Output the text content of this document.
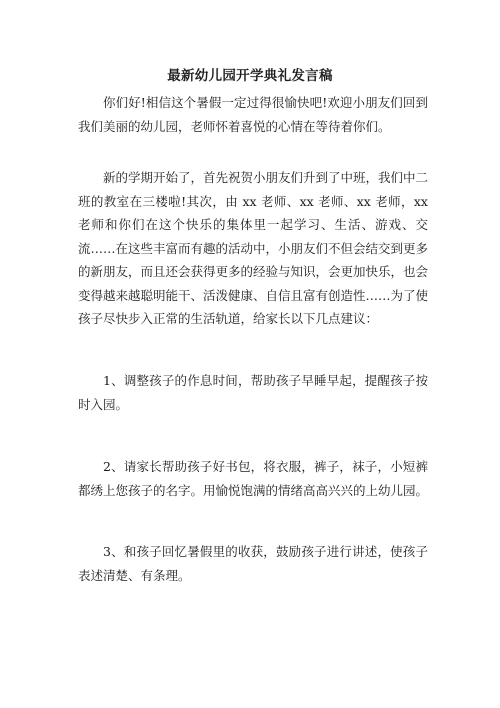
最新幼儿园开学典礼发言稿

你们好!相信这个暑假一定过得很愉快吧!欢迎小朋友们回到我们美丽的幼儿园，老师怀着喜悦的心情在等待着你们。

新的学期开始了，首先祝贺小朋友们升到了中班，我们中二班的教室在三楼啦!其次，由 xx 老师、xx 老师、xx 老师，xx 老师和你们在这个快乐的集体里一起学习、生活、游戏、交流……在这些丰富而有趣的活动中，小朋友们不但会结交到更多的新朋友，而且还会获得更多的经验与知识，会更加快乐，也会变得越来越聪明能干、活泼健康、自信且富有创造性……为了使孩子尽快步入正常的生活轨道，给家长以下几点建议：

1、调整孩子的作息时间，帮助孩子早睡早起，提醒孩子按时入园。

2、请家长帮助孩子好书包，将衣服，裤子，袜子，小短裤都绣上您孩子的名字。用愉悦饱满的情绪高高兴兴的上幼儿园。

3、和孩子回忆暑假里的收获，鼓励孩子进行讲述，使孩子表述清楚、有条理。
